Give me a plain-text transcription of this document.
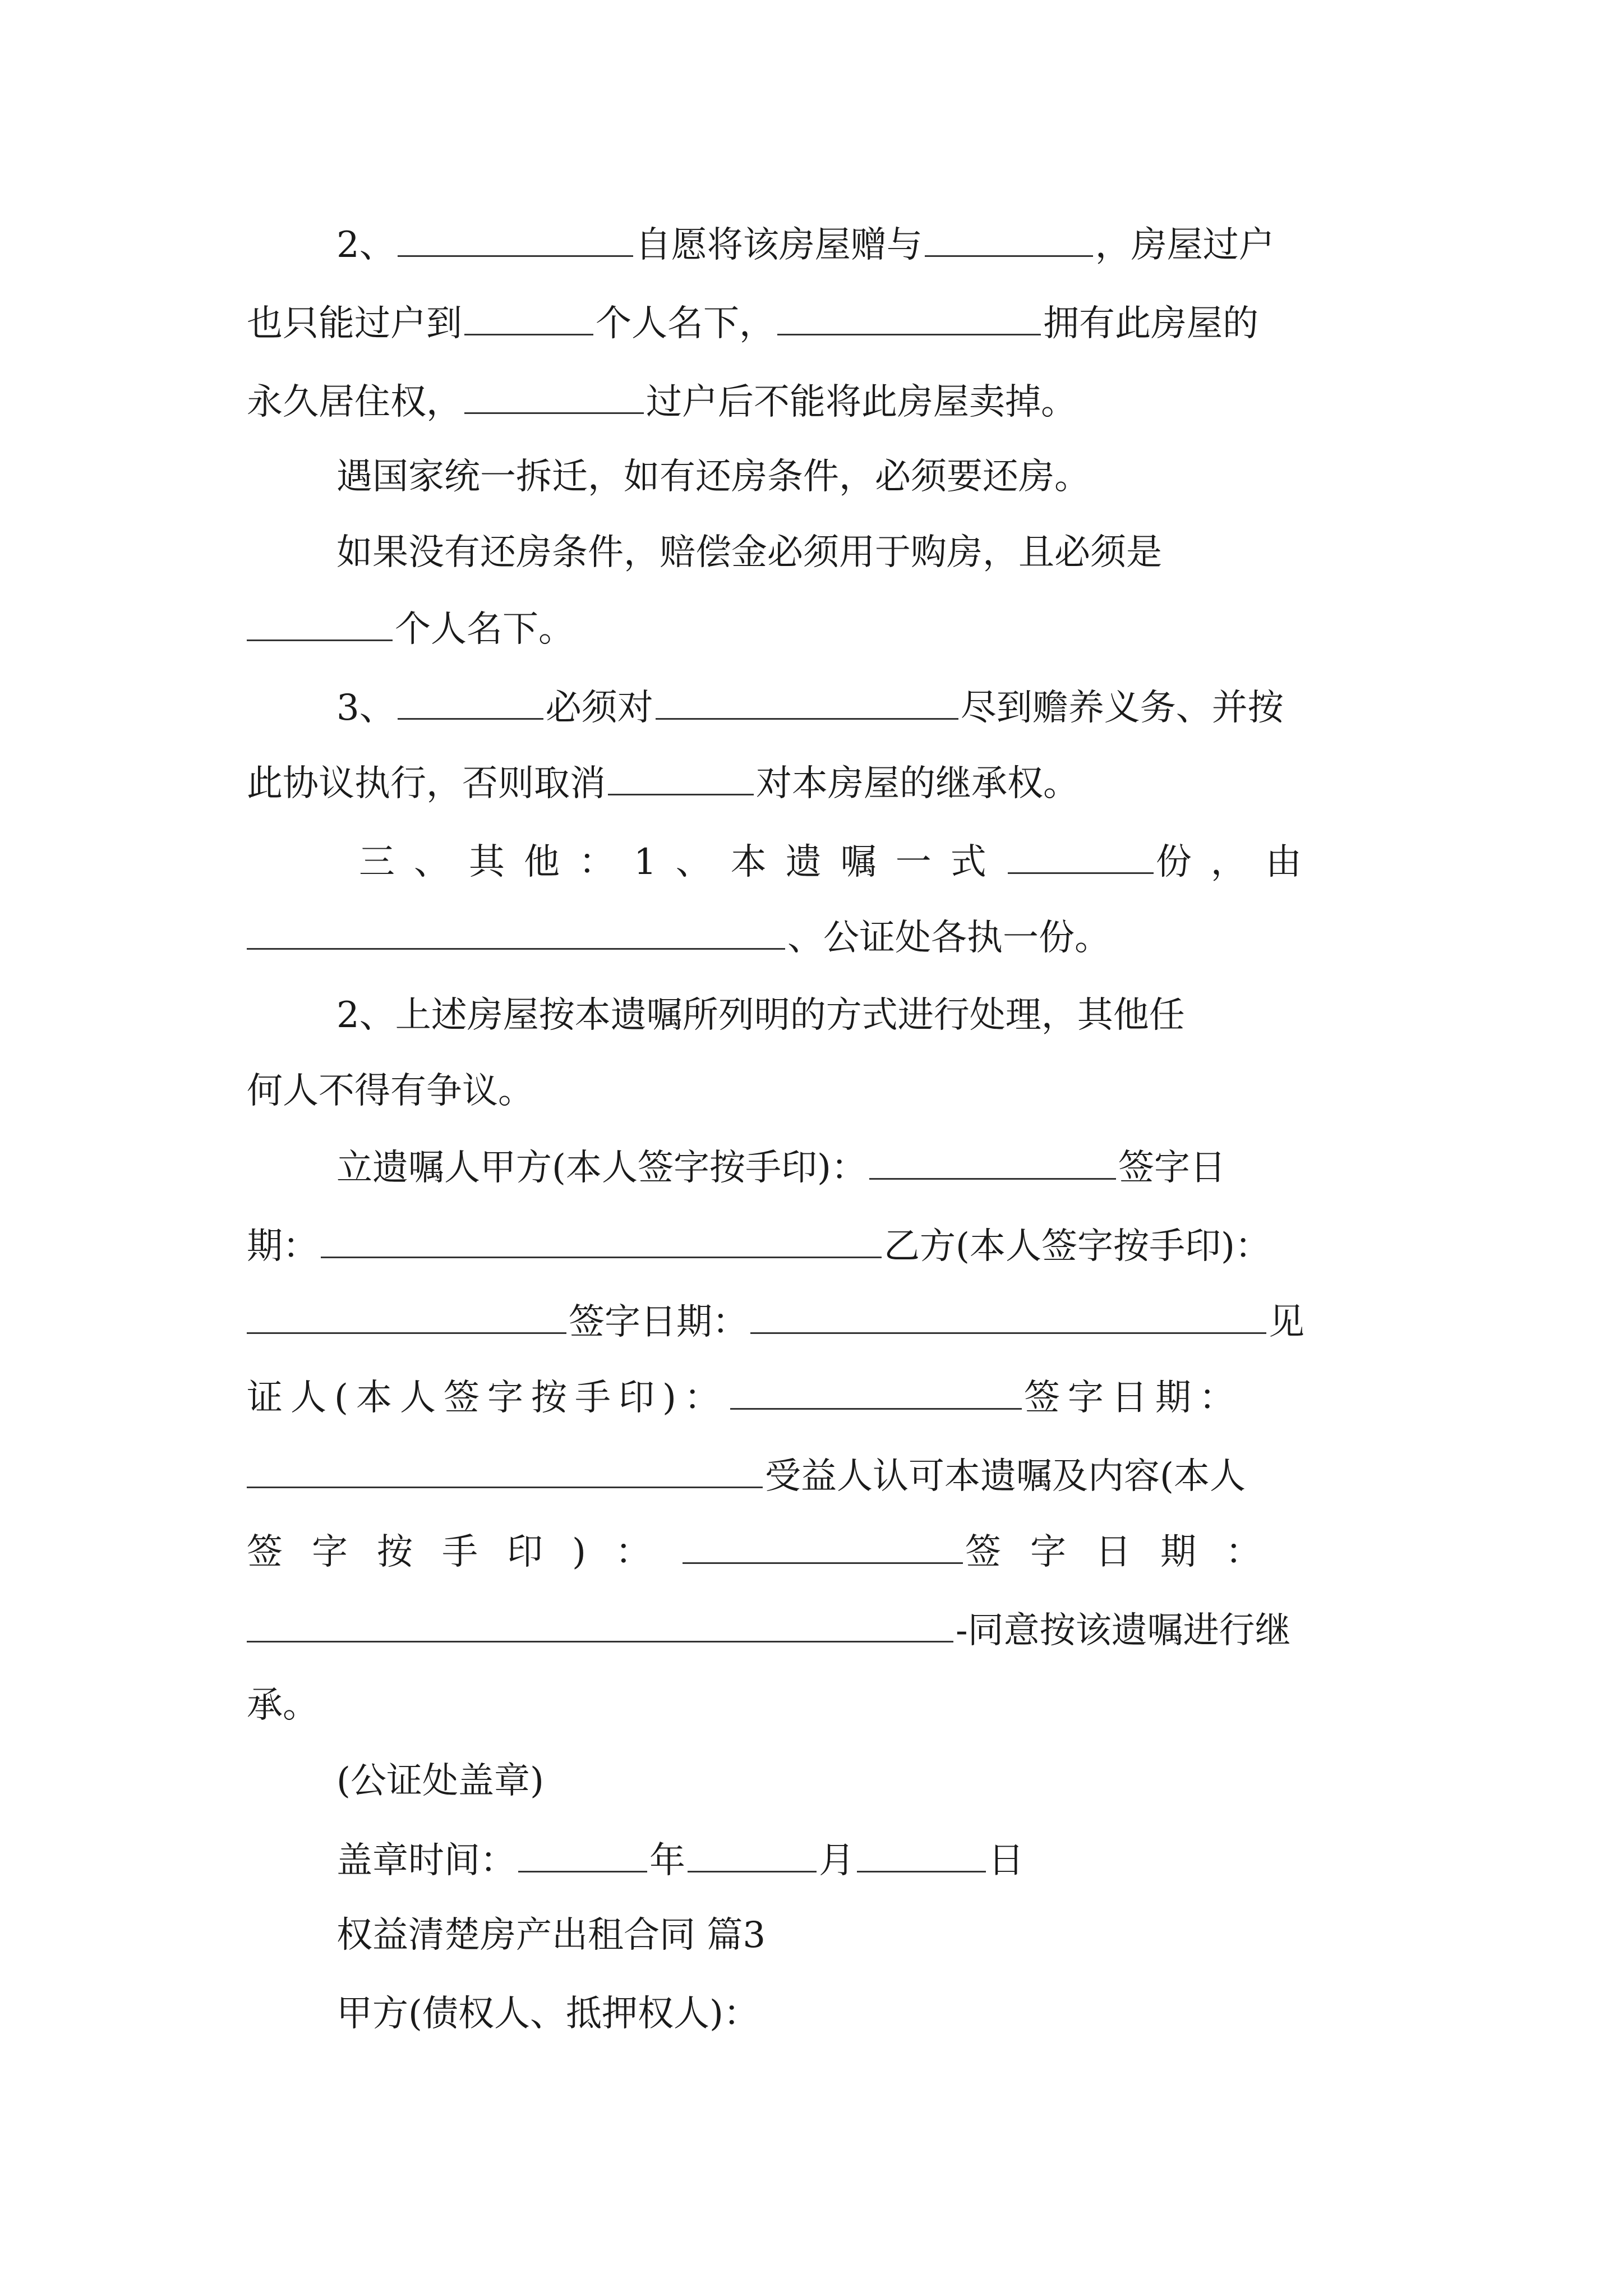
2、	自愿将该房屋赠与	，房屋过户
也只能过户到	个人名下，	拥有此房屋的
永久居住权，	过户后不能将此房屋卖掉。
遇国家统一拆迁，如有还房条件，必须要还房。
如果没有还房条件，赔偿金必须用于购房，且必须是
个人名下。
3、	必须对	尽到赡养义务、并按
此协议执行，否则取消	对本房屋的继承权。
三、其他：1、本遗嘱一式	份，由
、公证处各执一份。
2、上述房屋按本遗嘱所列明的方式进行处理，其他任
何人不得有争议。
立遗嘱人甲方(本人签字按手印)：	签字日
期：	乙方(本人签字按手印)：
签字日期：	见
证人(本人签字按手印)：	签字日期：
受益人认可本遗嘱及内容(本人
签字按手印)：	签字日期：
-同意按该遗嘱进行继
承。
(公证处盖章)
盖章时间：	年	月	日
权益清楚房产出租合同 篇3
甲方(债权人、抵押权人)：
